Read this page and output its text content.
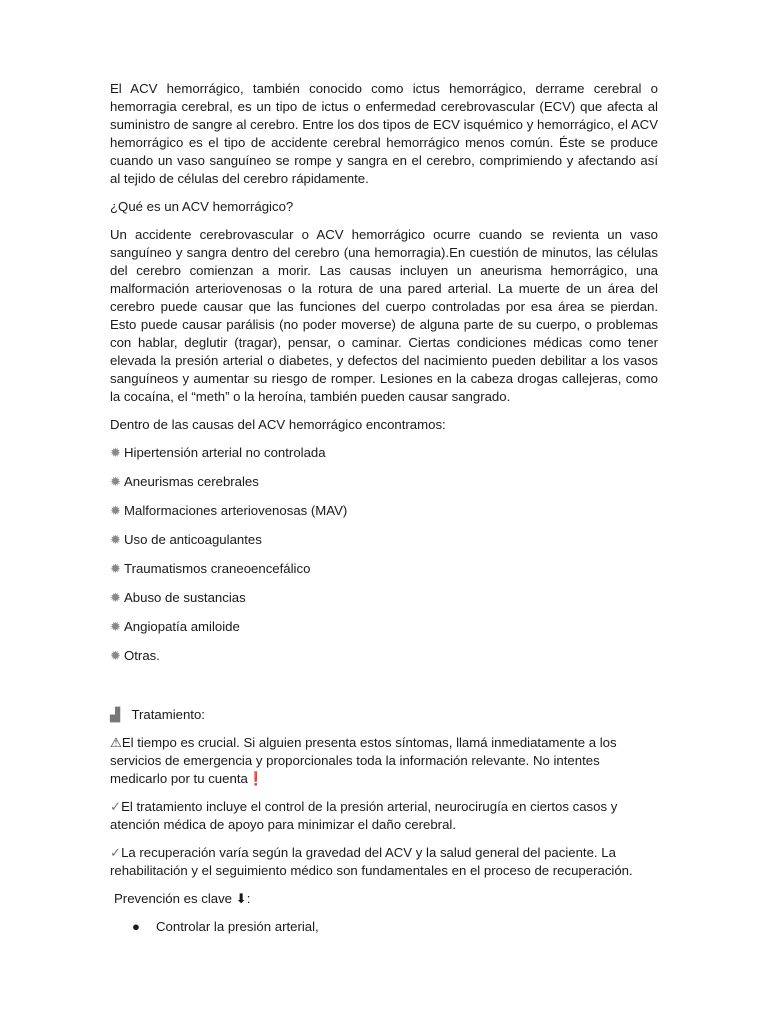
El ACV hemorrágico, también conocido como ictus hemorrágico, derrame cerebral o hemorragia cerebral, es un tipo de ictus o enfermedad cerebrovascular (ECV) que afecta al suministro de sangre al cerebro. Entre los dos tipos de ECV isquémico y hemorrágico, el ACV hemorrágico es el tipo de accidente cerebral hemorrágico menos común. Éste se produce cuando un vaso sanguíneo se rompe y sangra en el cerebro, comprimiendo y afectando así al tejido de células del cerebro rápidamente.

¿Qué es un ACV hemorrágico?

Un accidente cerebrovascular o ACV hemorrágico ocurre cuando se revienta un vaso sanguíneo y sangra dentro del cerebro (una hemorragia).En cuestión de minutos, las células del cerebro comienzan a morir. Las causas incluyen un aneurisma hemorrágico, una malformación arteriovenosas o la rotura de una pared arterial. La muerte de un área del cerebro puede causar que las funciones del cuerpo controladas por esa área se pierdan. Esto puede causar parálisis (no poder moverse) de alguna parte de su cuerpo, o problemas con hablar, deglutir (tragar), pensar, o caminar. Ciertas condiciones médicas como tener elevada la presión arterial o diabetes, y defectos del nacimiento pueden debilitar a los vasos sanguíneos y aumentar su riesgo de romper. Lesiones en la cabeza drogas callejeras, como la cocaína, el “meth” o la heroína, también pueden causar sangrado.

Dentro de las causas del ACV hemorrágico encontramos:

✹ Hipertensión arterial no controlada
✹ Aneurismas cerebrales
✹ Malformaciones arteriovenosas (MAV)
✹ Uso de anticoagulantes
✹ Traumatismos craneoencefálico
✹ Abuso de sustancias
✹ Angiopatía amiloide
✹ Otras.

▟ Tratamiento:

⚠El tiempo es crucial. Si alguien presenta estos síntomas, llamá inmediatamente a los servicios de emergencia y proporcionales toda la información relevante. No intentes medicarlo por tu cuenta❗

✓El tratamiento incluye el control de la presión arterial, neurocirugía en ciertos casos y atención médica de apoyo para minimizar el daño cerebral.

✓La recuperación varía según la gravedad del ACV y la salud general del paciente. La rehabilitación y el seguimiento médico son fundamentales en el proceso de recuperación.

Prevención es clave ⬇:

● Controlar la presión arterial,
